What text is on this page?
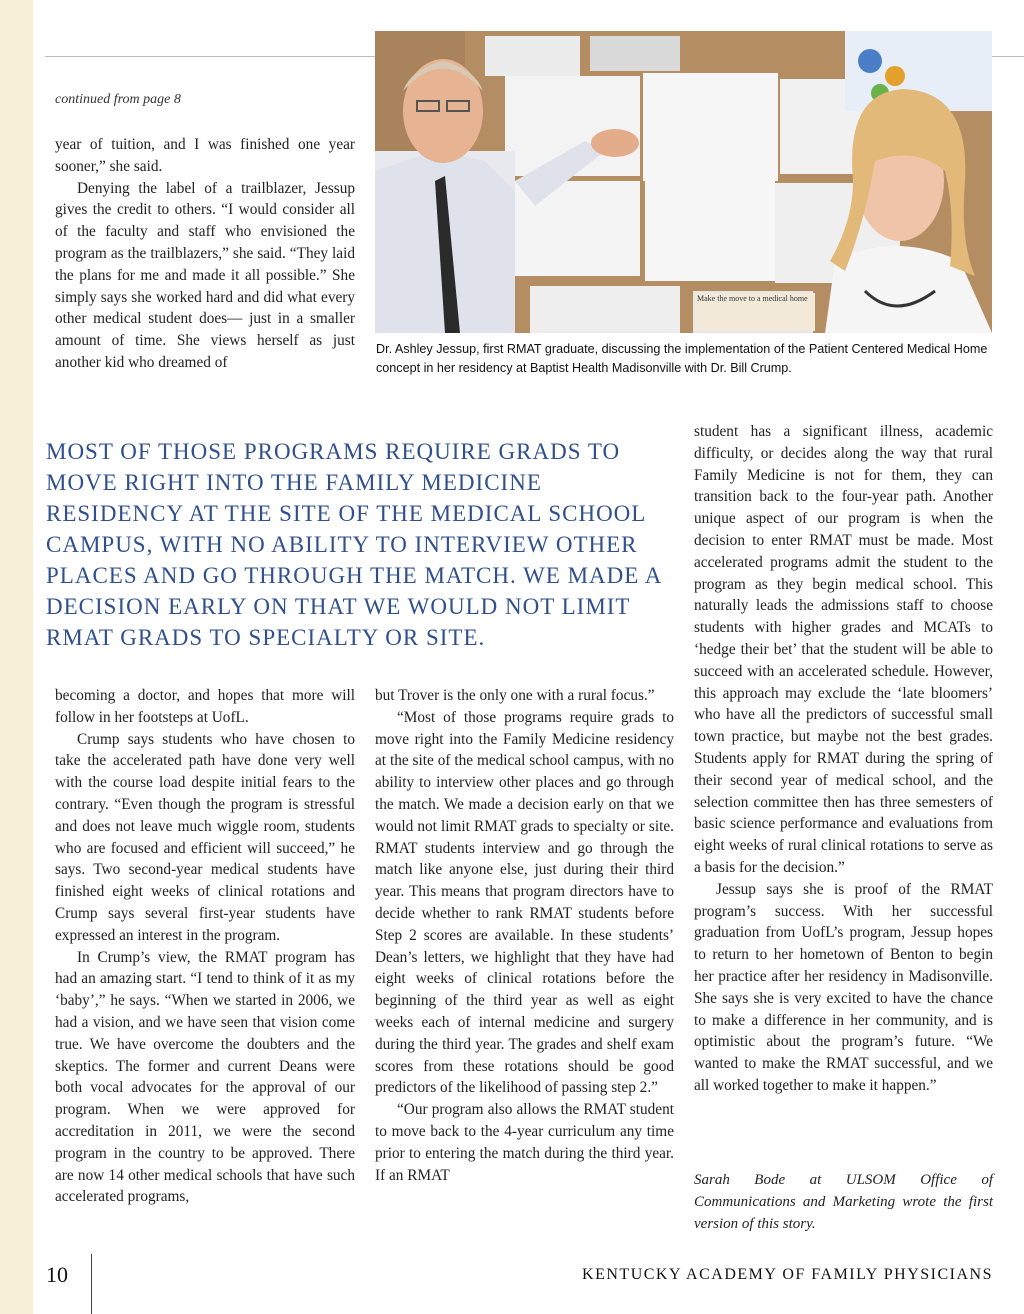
continued from page 8

year of tuition, and I was finished one year sooner,” she said.

Denying the label of a trailblazer, Jessup gives the credit to others. “I would consider all of the faculty and staff who envisioned the program as the trailblazers,” she said. “They laid the plans for me and made it all possible.” She simply says she worked hard and did what every other medical student does— just in a smaller amount of time. She views herself as just another kid who dreamed of

Make the move to a medical home
Dr. Ashley Jessup, first RMAT graduate, discussing the implementation of the Patient Centered Medical Home concept in her residency at Baptist Health Madisonville with Dr. Bill Crump.
MOST OF THOSE PROGRAMS REQUIRE GRADS TO MOVE RIGHT INTO THE FAMILY MEDICINE RESIDENCY AT THE SITE OF THE MEDICAL SCHOOL CAMPUS, WITH NO ABILITY TO INTERVIEW OTHER PLACES AND GO THROUGH THE MATCH. WE MADE A DECISION EARLY ON THAT WE WOULD NOT LIMIT RMAT GRADS TO SPECIALTY OR SITE.

becoming a doctor, and hopes that more will follow in her footsteps at UofL.

Crump says students who have chosen to take the accelerated path have done very well with the course load despite initial fears to the contrary. “Even though the program is stressful and does not leave much wiggle room, students who are focused and efficient will succeed,” he says. Two second-year medical students have finished eight weeks of clinical rotations and Crump says several first-year students have expressed an interest in the program.

In Crump’s view, the RMAT program has had an amazing start. “I tend to think of it as my ‘baby’,” he says. “When we started in 2006, we had a vision, and we have seen that vision come true. We have overcome the doubters and the skeptics. The former and current Deans were both vocal advocates for the approval of our program. When we were approved for accreditation in 2011, we were the second program in the country to be approved. There are now 14 other medical schools that have such accelerated programs,

but Trover is the only one with a rural focus.”

“Most of those programs require grads to move right into the Family Medicine residency at the site of the medical school campus, with no ability to interview other places and go through the match. We made a decision early on that we would not limit RMAT grads to specialty or site. RMAT students interview and go through the match like anyone else, just during their third year. This means that program directors have to decide whether to rank RMAT students before Step 2 scores are available. In these students’ Dean’s letters, we highlight that they have had eight weeks of clinical rotations before the beginning of the third year as well as eight weeks each of internal medicine and surgery during the third year. The grades and shelf exam scores from these rotations should be good predictors of the likelihood of passing step 2.”

“Our program also allows the RMAT student to move back to the 4-year curriculum any time prior to entering the match during the third year. If an RMAT

student has a significant illness, academic difficulty, or decides along the way that rural Family Medicine is not for them, they can transition back to the four-year path. Another unique aspect of our program is when the decision to enter RMAT must be made. Most accelerated programs admit the student to the program as they begin medical school. This naturally leads the admissions staff to choose students with higher grades and MCATs to ‘hedge their bet’ that the student will be able to succeed with an accelerated schedule. However, this approach may exclude the ‘late bloomers’ who have all the predictors of successful small town practice, but maybe not the best grades. Students apply for RMAT during the spring of their second year of medical school, and the selection committee then has three semesters of basic science performance and evaluations from eight weeks of rural clinical rotations to serve as a basis for the decision.”

Jessup says she is proof of the RMAT program’s success. With her successful graduation from UofL’s program, Jessup hopes to return to her hometown of Benton to begin her practice after her residency in Madisonville. She says she is very excited to have the chance to make a difference in her community, and is optimistic about the program’s future. “We wanted to make the RMAT successful, and we all worked together to make it happen.”

Sarah Bode at ULSOM Office of Communications and Marketing wrote the first version of this story.
10	KENTUCKY ACADEMY OF FAMILY PHYSICIANS
